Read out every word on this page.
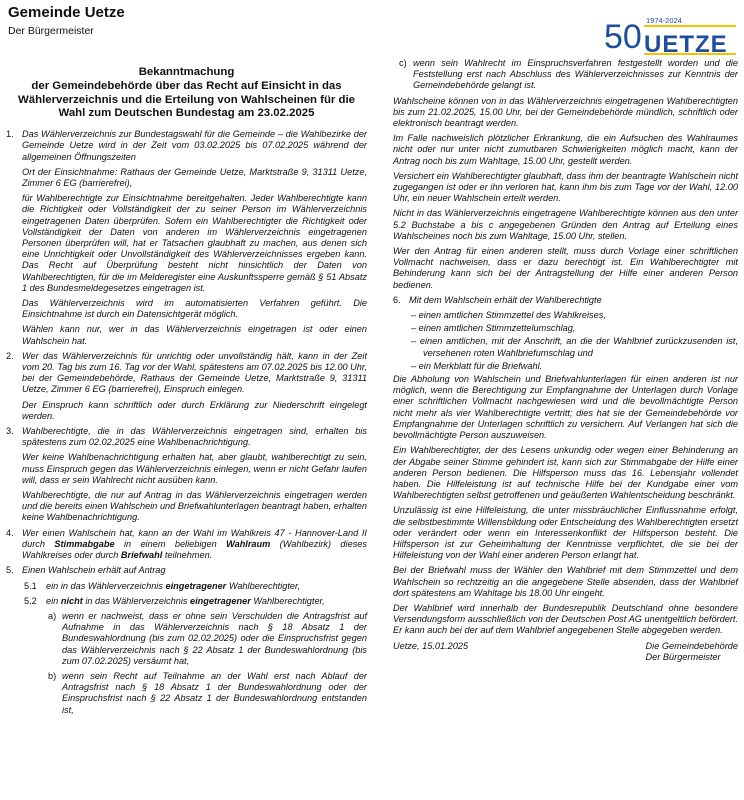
Gemeinde Uetze
Der Bürgermeister	50 1974-2024
UETZE
Bekanntmachung
der Gemeindebehörde über das Recht auf Einsicht in das
Wählerverzeichnis und die Erteilung von Wahlscheinen für die
Wahl zum Deutschen Bundestag am 23.02.2025
1. Das Wählerverzeichnis zur Bundestagswahl für die Gemeinde – die Wahlbezirke der Gemeinde Uetze wird in der Zeit vom 03.02.2025 bis 07.02.2025 während der allgemeinen Öffnungszeiten

Ort der Einsichtnahme: Rathaus der Gemeinde Uetze, Marktstraße 9, 31311 Uetze, Zimmer 6 EG (barrierefrei),

für Wahlberechtigte zur Einsichtnahme bereitgehalten. Jeder Wahlberechtigte kann die Richtigkeit oder Vollständigkeit der zu seiner Person im Wählerverzeichnis eingetragenen Daten überprüfen. Sofern ein Wahlberechtigter die Richtigkeit oder Vollständigkeit der Daten von anderen im Wählerverzeichnis eingetragenen Personen überprüfen will, hat er Tatsachen glaubhaft zu machen, aus denen sich eine Unrichtigkeit oder Unvollständigkeit des Wählerverzeichnisses ergeben kann. Das Recht auf Überprüfung besteht nicht hinsichtlich der Daten von Wahlberechtigten, für die im Melderegister eine Auskunftssperre gemäß § 51 Absatz 1 des Bundesmeldegesetzes eingetragen ist.

Das Wählerverzeichnis wird im automatisierten Verfahren geführt. Die Einsichtnahme ist durch ein Datensichtgerät möglich.

Wählen kann nur, wer in das Wählerverzeichnis eingetragen ist oder einen Wahlschein hat.

2. Wer das Wählerverzeichnis für unrichtig oder unvollständig hält, kann in der Zeit vom 20. Tag bis zum 16. Tag vor der Wahl, spätestens am 07.02.2025 bis 12.00 Uhr, bei der Gemeindebehörde, Rathaus der Gemeinde Uetze, Marktstraße 9, 31311 Uetze, Zimmer 6 EG (barrierefrei), Einspruch einlegen.

Der Einspruch kann schriftlich oder durch Erklärung zur Niederschrift eingelegt werden.

3. Wahlberechtigte, die in das Wählerverzeichnis eingetragen sind, erhalten bis spätestens zum 02.02.2025 eine Wahlbenachrichtigung.

Wer keine Wahlbenachrichtigung erhalten hat, aber glaubt, wahlberechtigt zu sein, muss Einspruch gegen das Wählerverzeichnis einlegen, wenn er nicht Gefahr laufen will, dass er sein Wahlrecht nicht ausüben kann.

Wahlberechtigte, die nur auf Antrag in das Wählerverzeichnis eingetragen werden und die bereits einen Wahlschein und Briefwahlunterlagen beantragt haben, erhalten keine Wahlbenachrichtigung.

4. Wer einen Wahlschein hat, kann an der Wahl im Wahlkreis 47 - Hannover-Land II durch Stimmabgabe in einem beliebigen Wahlraum (Wahlbezirk) dieses Wahlkreises oder durch Briefwahl teilnehmen.

5. Einen Wahlschein erhält auf Antrag

5.1 ein in das Wählerverzeichnis eingetragener Wahlberechtigter,

5.2 ein nicht in das Wählerverzeichnis eingetragener Wahlberechtigter,

a) wenn er nachweist, dass er ohne sein Verschulden die Antragsfrist auf Aufnahme in das Wählerverzeichnis nach § 18 Absatz 1 der Bundeswahlordnung (bis zum 02.02.2025) oder die Einspruchsfrist gegen das Wählerverzeichnis nach § 22 Absatz 1 der Bundeswahlordnung (bis zum 07.02.2025) versäumt hat,

b) wenn sein Recht auf Teilnahme an der Wahl erst nach Ablauf der Antragsfrist nach § 18 Absatz 1 der Bundeswahlordnung oder der Einspruchsfrist nach § 22 Absatz 1 der Bundeswahlordnung entstanden ist,

c) wenn sein Wahlrecht im Einspruchsverfahren festgestellt worden und die Feststellung erst nach Abschluss des Wählerverzeichnisses zur Kenntnis der Gemeindebehörde gelangt ist.

Wahlscheine können von in das Wählerverzeichnis eingetragenen Wahlberechtigten bis zum 21.02.2025, 15.00 Uhr, bei der Gemeindebehörde mündlich, schriftlich oder elektronisch beantragt werden.

Im Falle nachweislich plötzlicher Erkrankung, die ein Aufsuchen des Wahlraumes nicht oder nur unter nicht zumutbaren Schwierigkeiten möglich macht, kann der Antrag noch bis zum Wahltage, 15.00 Uhr, gestellt werden.

Versichert ein Wahlberechtigter glaubhaft, dass ihm der beantragte Wahlschein nicht zugegangen ist oder er ihn verloren hat, kann ihm bis zum Tage vor der Wahl, 12.00 Uhr, ein neuer Wahlschein erteilt werden.

Nicht in das Wählerverzeichnis eingetragene Wahlberechtigte können aus den unter 5.2 Buchstabe a bis c angegebenen Gründen den Antrag auf Erteilung eines Wahlscheines noch bis zum Wahltage, 15.00 Uhr, stellen.

Wer den Antrag für einen anderen stellt, muss durch Vorlage einer schriftlichen Vollmacht nachweisen, dass er dazu berechtigt ist. Ein Wahlberechtigter mit Behinderung kann sich bei der Antragstellung der Hilfe einer anderen Person bedienen.

6. Mit dem Wahlschein erhält der Wahlberechtigte

– einen amtlichen Stimmzettel des Wahlkreises,
– einen amtlichen Stimmzettelumschlag,
– einen amtlichen, mit der Anschrift, an die der Wahlbrief zurückzusenden ist, versehenen roten Wahlbriefumschlag und
– ein Merkblatt für die Briefwahl.

Die Abholung von Wahlschein und Briefwahlunterlagen für einen anderen ist nur möglich, wenn die Berechtigung zur Empfangnahme der Unterlagen durch Vorlage einer schriftlichen Vollmacht nachgewiesen wird und die bevollmächtigte Person nicht mehr als vier Wahlberechtigte vertritt; dies hat sie der Gemeindebehörde vor Empfangnahme der Unterlagen schriftlich zu versichern. Auf Verlangen hat sich die bevollmächtigte Person auszuweisen.

Ein Wahlberechtigter, der des Lesens unkundig oder wegen einer Behinderung an der Abgabe seiner Stimme gehindert ist, kann sich zur Stimmabgabe der Hilfe einer anderen Person bedienen. Die Hilfsperson muss das 16. Lebensjahr vollendet haben. Die Hilfeleistung ist auf technische Hilfe bei der Kundgabe einer vom Wahlberechtigten selbst getroffenen und geäußerten Wahlentscheidung beschränkt.

Unzulässig ist eine Hilfeleistung, die unter missbräuchlicher Einflussnahme erfolgt, die selbstbestimmte Willensbildung oder Entscheidung des Wahlberechtigten ersetzt oder verändert oder wenn ein Interessenkonflikt der Hilfsperson besteht. Die Hilfsperson ist zur Geheimhaltung der Kenntnisse verpflichtet, die sie bei der Hilfeleistung von der Wahl einer anderen Person erlangt hat.

Bei der Briefwahl muss der Wähler den Wahlbrief mit dem Stimmzettel und dem Wahlschein so rechtzeitig an die angegebene Stelle absenden, dass der Wahlbrief dort spätestens am Wahltage bis 18.00 Uhr eingeht.

Der Wahlbrief wird innerhalb der Bundesrepublik Deutschland ohne besondere Versendungsform ausschließlich von der Deutschen Post AG unentgeltlich befördert. Er kann auch bei der auf dem Wahlbrief angegebenen Stelle abgegeben werden.

Uetze, 15.01.2025	Die Gemeindebehörde
Der Bürgermeister
